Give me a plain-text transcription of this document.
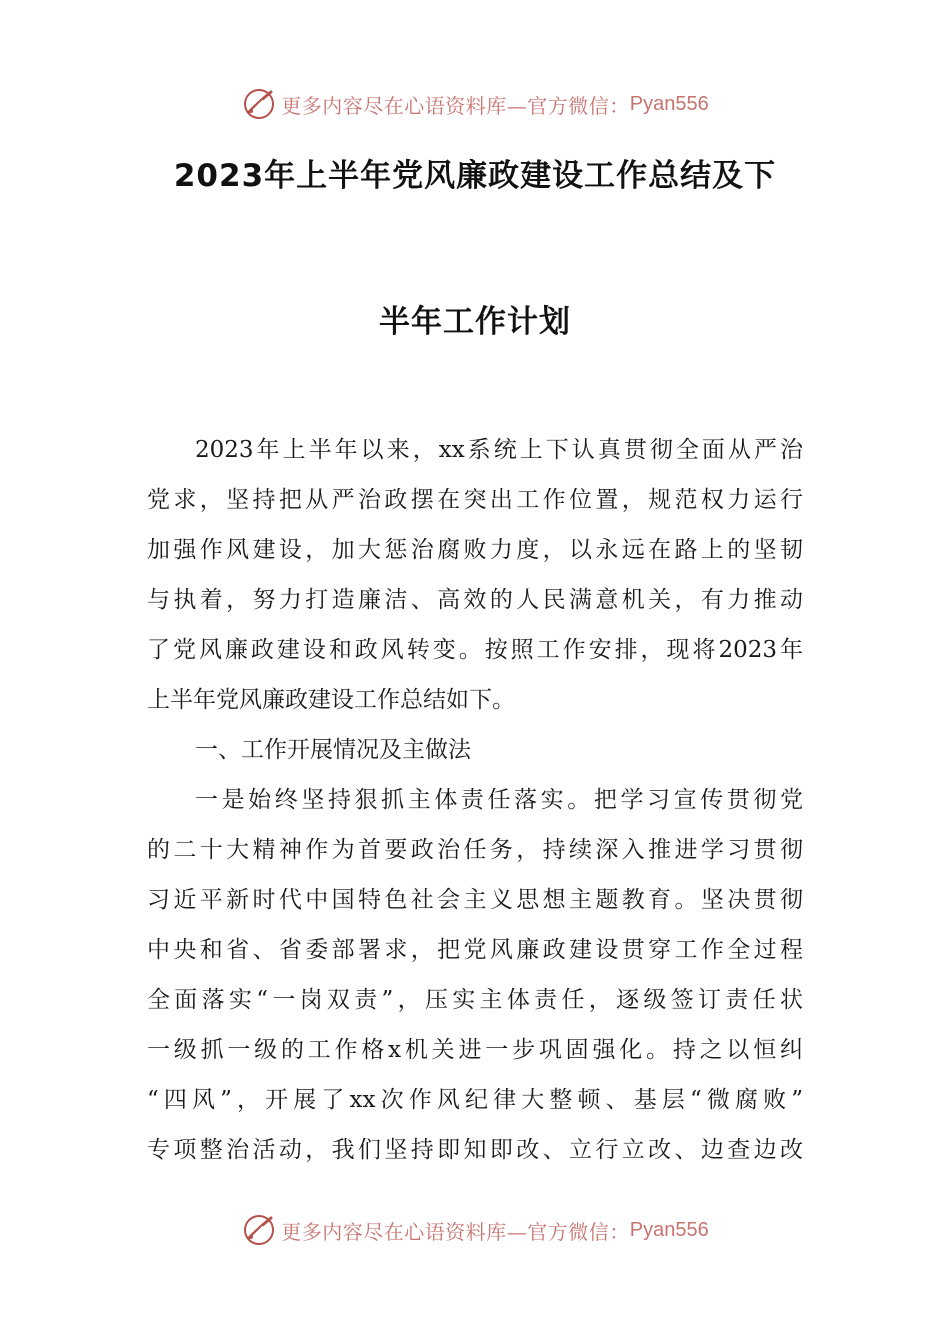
更多内容尽在心语资料库—官方微信： Pyan556
2023年上半年党风廉政建设工作总结及下
半年工作计划
2023年上半年以来，xx系统上下认真贯彻全面从严治
党求，坚持把从严治政摆在突出工作位置，规范权力运行
加强作风建设，加大惩治腐败力度，以永远在路上的坚韧
与执着，努力打造廉洁、高效的人民满意机关，有力推动
了党风廉政建设和政风转变。按照工作安排，现将2023年
上半年党风廉政建设工作总结如下。
一、工作开展情况及主做法
一是始终坚持狠抓主体责任落实。把学习宣传贯彻党
的二十大精神作为首要政治任务，持续深入推进学习贯彻
习近平新时代中国特色社会主义思想主题教育。坚决贯彻
中央和省、省委部署求，把党风廉政建设贯穿工作全过程
全面落实“一岗双责”，压实主体责任，逐级签订责任状
一级抓一级的工作格x机关进一步巩固强化。持之以恒纠
“四风”，开展了xx次作风纪律大整顿、基层“微腐败”
专项整治活动，我们坚持即知即改、立行立改、边查边改
更多内容尽在心语资料库—官方微信： Pyan556
